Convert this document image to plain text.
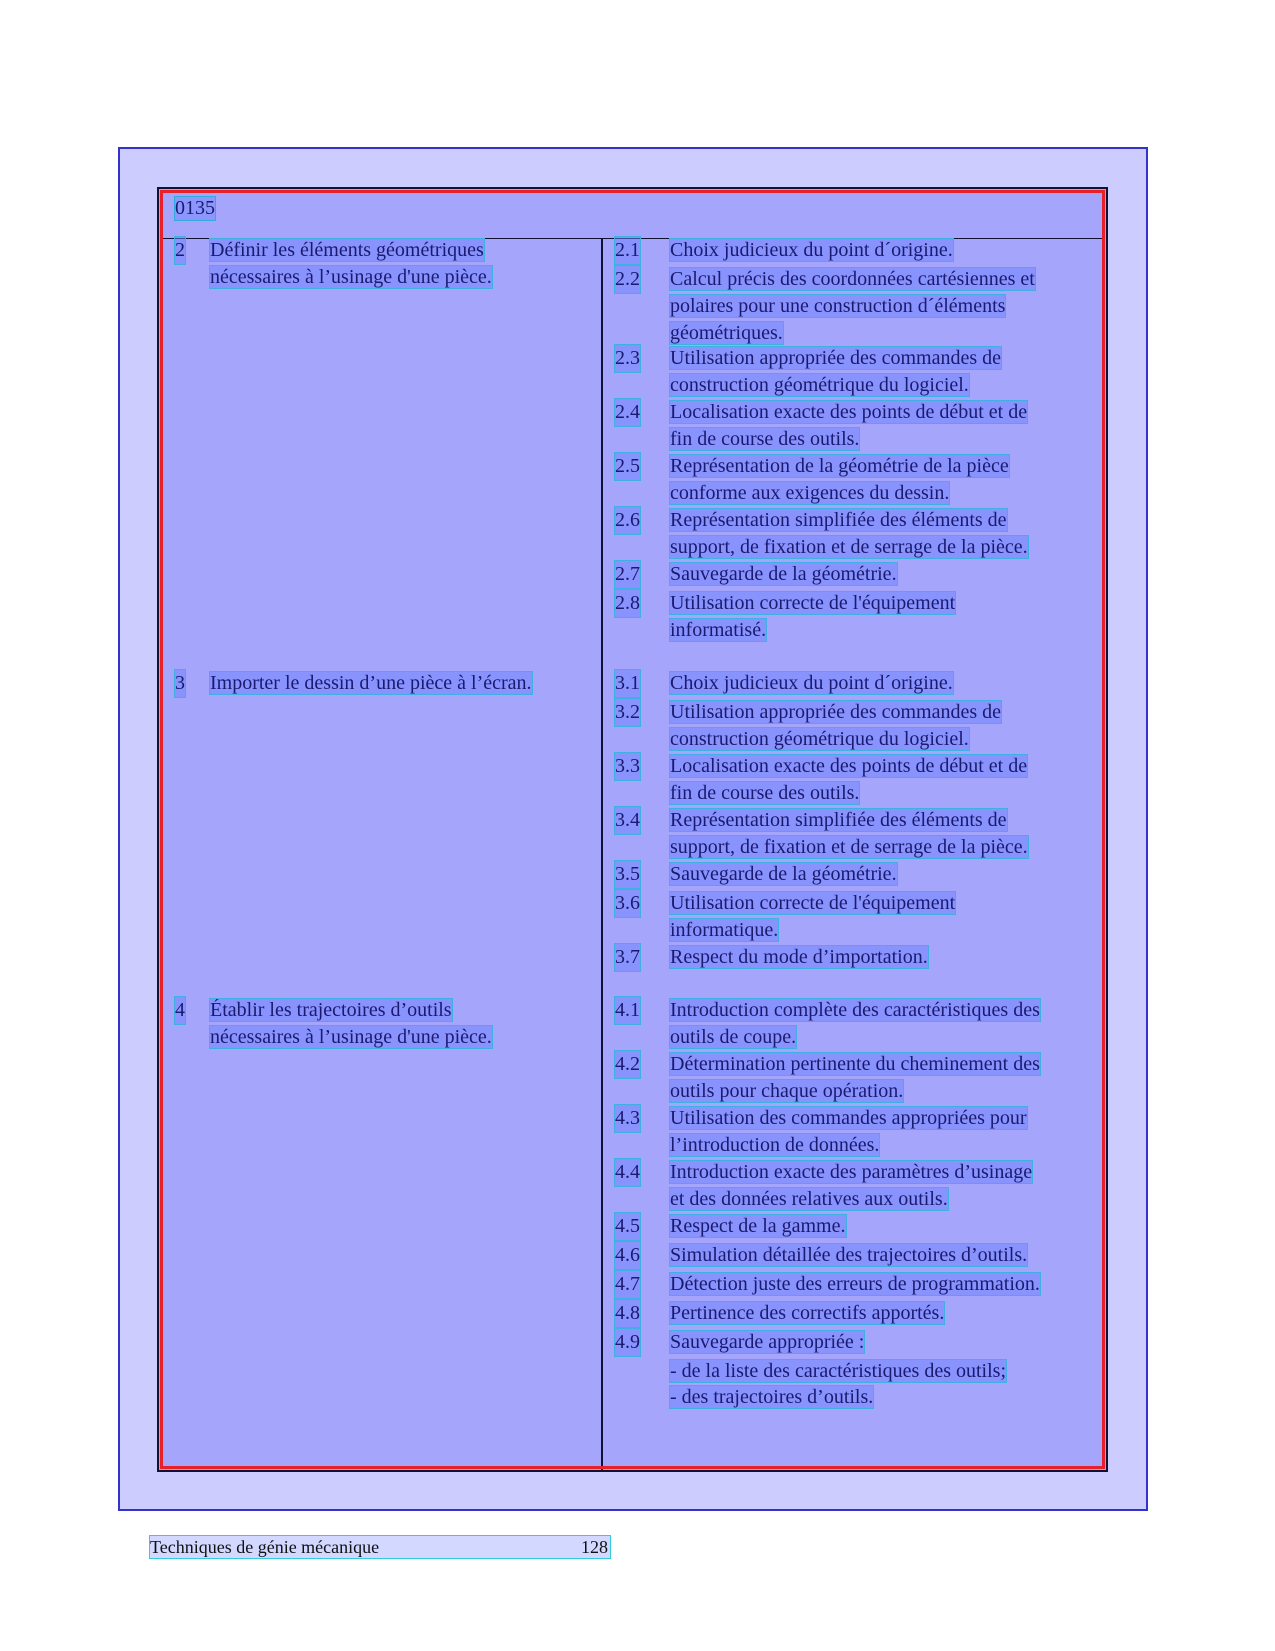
0135
2 Définir les éléments géométriques
nécessaires à l’usinage d'une pièce.
3 Importer le dessin d’une pièce à l’écran.
4 Établir les trajectoires d’outils
nécessaires à l’usinage d'une pièce.
2.1 Choix judicieux du point d´origine.
2.2 Calcul précis des coordonnées cartésiennes et
polaires pour une construction d´éléments
géométriques.
2.3 Utilisation appropriée des commandes de
construction géométrique du logiciel.
2.4 Localisation exacte des points de début et de
fin de course des outils.
2.5 Représentation de la géométrie de la pièce
conforme aux exigences du dessin.
2.6 Représentation simplifiée des éléments de
support, de fixation et de serrage de la pièce.
2.7 Sauvegarde de la géométrie.
2.8 Utilisation correcte de l'équipement
informatisé.
3.1 Choix judicieux du point d´origine.
3.2 Utilisation appropriée des commandes de
construction géométrique du logiciel.
3.3 Localisation exacte des points de début et de
fin de course des outils.
3.4 Représentation simplifiée des éléments de
support, de fixation et de serrage de la pièce.
3.5 Sauvegarde de la géométrie.
3.6 Utilisation correcte de l'équipement
informatique.
3.7 Respect du mode d’importation.
4.1 Introduction complète des caractéristiques des
outils de coupe.
4.2 Détermination pertinente du cheminement des
outils pour chaque opération.
4.3 Utilisation des commandes appropriées pour
l’introduction de données.
4.4 Introduction exacte des paramètres d’usinage
et des données relatives aux outils.
4.5 Respect de la gamme.
4.6 Simulation détaillée des trajectoires d’outils.
4.7 Détection juste des erreurs de programmation.
4.8 Pertinence des correctifs apportés.
4.9 Sauvegarde appropriée :
- de la liste des caractéristiques des outils;
- des trajectoires d’outils.
Techniques de génie mécanique	128
